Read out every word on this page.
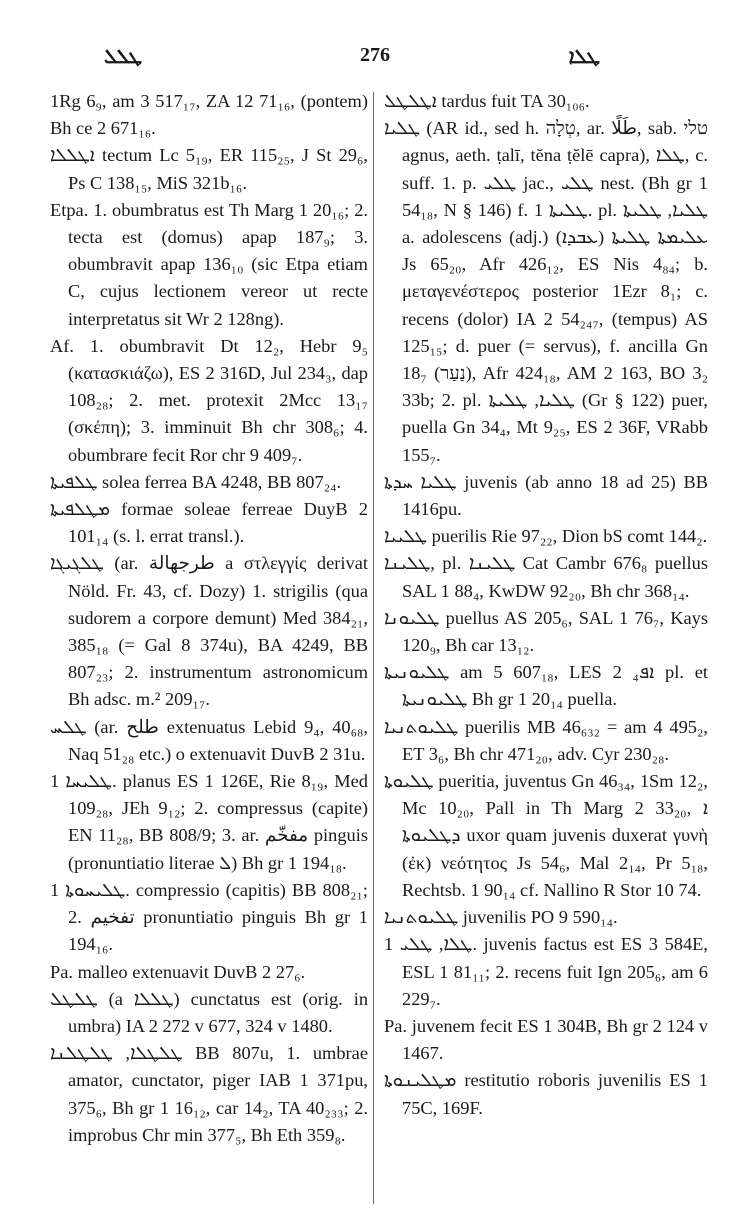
ܛܠܠ	276	ܛܠܐ

1Rg 6₉, am 3 517₁₇, ZA 12 71₁₆, (pontem) Bh ce 2 671₁₆.

ܐܛܠܠܐ tectum Lc 5₁₉, ER 115₂₅, J St 29₆, Ps C 138₁₅, MiS 321b₁₆.

Etpa. 1. obumbratus est Th Marg 1 20₁₆; 2. tecta est (domus) apap 187₉; 3. obumbravit apap 136₁₀ (sic Etpa etiam C, cujus lectionem vereor ut recte interpretatus sit Wr 2 128ng).

Af. 1. obumbravit Dt 12₂, Hebr 9₅ (κατασκιάζω), ES 2 316D, Jul 234₃, dap 108₂₈; 2. met. protexit 2Mcc 13₁₇ (σκέπη); 3. imminuit Bh chr 308₆; 4. obumbrare fecit Ror chr 9 409₇.

ܛܠܦܝܬܐ solea ferrea BA 4248, BB 807₂₄.

ܡܛܠܦܝܬܐ formae soleae ferreae DuyB 2 101₁₄ (s. l. errat transl.).

ܛܠܓܝܓܐ (ar. طرجهالة a στλεγγίς derivat Nöld. Fr. 43, cf. Dozy) 1. strigilis (qua sudorem a corpore demunt) Med 384₂₁, 385₁₈ (= Gal 8 374u), BA 4249, BB 807₂₃; 2. instrumentum astronomicum Bh adsc. m.² 209₁₇.

ܛܠܚ (ar. طلح extenuatus Lebid 9₄, 40₆₈, Naq 51₂₈ etc.) o extenuavit DuvB 2 31u.

ܛܠܝܚܐ 1. planus ES 1 126E, Rie 8₁₉, Med 109₂₈, JEh 9₁₂; 2. compressus (capite) EN 11₂₈, BB 808/9; 3. ar. مفخّم pinguis (pronuntiatio literae ܠ) Bh gr 1 194₁₈.

ܛܠܝܚܘܬܐ 1. compressio (capitis) BB 808₂₁; 2. تفخيم pronuntiatio pinguis Bh gr 1 194₁₆.

Pa. malleo extenuavit DuvB 2 27₆.

ܛܠܛܠ (a ܛܠܠܐ) cunctatus est (orig. in umbra) IA 2 272 v 677, 324 v 1480.

ܛܠܛܠܐ, ܛܠܛܠܢܐ BB 807u, 1. umbrae amator, cunctator, piger IAB 1 371pu, 375₆, Bh gr 1 16₁₂, car 14₂, TA 40₂₃₃; 2. improbus Chr min 377₅, Bh Eth 359₈.

ܐܛܠܛܠ tardus fuit TA 30₁₀₆.

ܛܠܝܐ (AR id., sed h. טְלָה, ar. طَلًا, sab. טלי agnus, aeth. ṭalī, tĕna ṭĕlē capra), ܛܠܐ, c. suff. 1. p. ܛܠܝ jac., ܛܠܝ nest. (Bh gr 1 54₁₈, N § 146) f. ܛܠܝܬܐ 1. pl. ܛܠܝܐ, ܛܠܝܬܐ a. adolescens (adj.) (ܥܒܕܐ) ܥܠܝܡܬܐ ܛܠܝܬܐ Js 65₂₀, Afr 426₁₂, ES Nis 4₈₄; b. μεταγενέστερος posterior 1Ezr 8₁; c. recens (dolor) IA 2 54₂₄₇, (tempus) AS 125₁₅; d. puer (= servus), f. ancilla Gn 18₇ (נַעַר), Afr 424₁₈, AM 2 163, BO 3₂ 33b; 2. pl. ܛܠܝܐ, ܛܠܝܬܐ (Gr § 122) puer, puella Gn 34₄, Mt 9₂₅, ES 2 36F, VRabb 155₇.

ܛܠܝܐ ܚܕܬܐ juvenis (ab anno 18 ad 25) BB 1416pu.

ܛܠܝܝܐ puerilis Rie 97₂₂, Dion bS comt 144₂.

ܛܠܝܢܐ, pl. ܛܠܝܢܐ Cat Cambr 676₈ puellus SAL 1 88₄, KwDW 92₂₀, Bh chr 368₁₄.

ܛܠܝܘܢܐ puellus AS 205₆, SAL 1 76₇, Kays 120₉, Bh car 13₁₂.

ܛܠܝܘܢܝܬܐ am 5 607₁₈, LES 2 ܐܦ₄ pl. et ܛܠܝܘܢܝܬܐ Bh gr 1 20₁₄ puella.

ܛܠܝܘܬܢܝܐ puerilis MB 46₆₃₂ = am 4 495₂, ET 3₆, Bh chr 471₂₀, adv. Cyr 230₂₈.

ܛܠܝܘܬܐ pueritia, juventus Gn 46₃₄, 1Sm 12₂, Mc 10₂₀, Pall in Th Marg 2 33₂₀, ܐ ܕܛܠܝܘܬܐ uxor quam juvenis duxerat γυνὴ (ἐκ) νεότητος Js 54₆, Mal 2₁₄, Pr 5₁₈, Rechtsb. 1 90₁₄ cf. Nallino R Stor 10 74.

ܛܠܝܘܬܢܝܐ juvenilis PO 9 590₁₄.

ܛܠܐ, ܛܠܝ 1. juvenis factus est ES 3 584E, ESL 1 81₁₁; 2. recens fuit Ign 205₆, am 6 229₇.

Pa. juvenem fecit ES 1 304B, Bh gr 2 124 v 1467.

ܡܛܠܝܢܘܬܐ restitutio roboris juvenilis ES 1 75C, 169F.
